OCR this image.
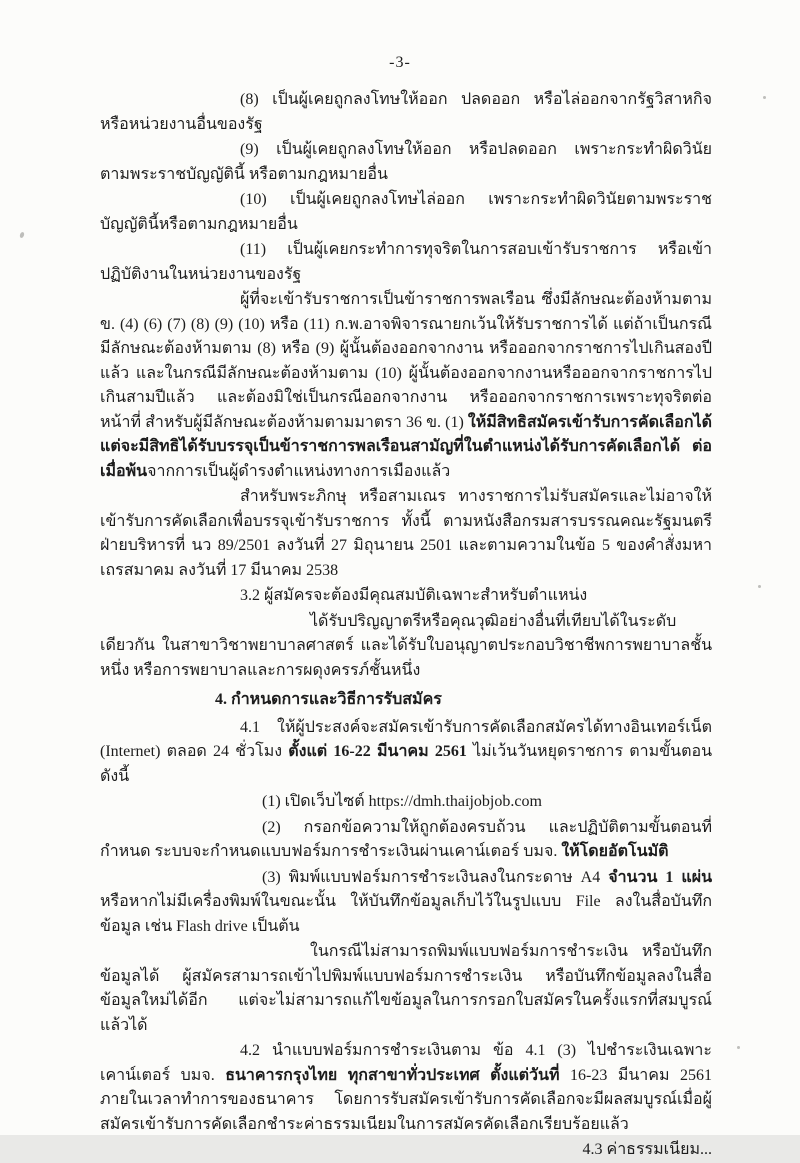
-3-

(8) เป็นผู้เคยถูกลงโทษให้ออก ปลดออก หรือไล่ออกจากรัฐวิสาหกิจ หรือหน่วยงานอื่นของรัฐ

(9) เป็นผู้เคยถูกลงโทษให้ออก หรือปลดออก เพราะกระทำผิดวินัย ตามพระราชบัญญัตินี้ หรือตามกฎหมายอื่น

(10) เป็นผู้เคยถูกลงโทษไล่ออก เพราะกระทำผิดวินัยตามพระราชบัญญัตินี้หรือตามกฎหมายอื่น

(11) เป็นผู้เคยกระทำการทุจริตในการสอบเข้ารับราชการ หรือเข้าปฏิบัติงานในหน่วยงานของรัฐ

ผู้ที่จะเข้ารับราชการเป็นข้าราชการพลเรือน ซึ่งมีลักษณะต้องห้ามตาม ข. (4) (6) (7) (8) (9) (10) หรือ (11) ก.พ.อาจพิจารณายกเว้นให้รับราชการได้ แต่ถ้าเป็นกรณีมีลักษณะต้องห้ามตาม (8) หรือ (9) ผู้นั้นต้องออกจากงาน หรือออกจากราชการไปเกินสองปีแล้ว และในกรณีมีลักษณะต้องห้ามตาม (10) ผู้นั้นต้องออกจากงานหรือออกจากราชการไปเกินสามปีแล้ว และต้องมิใช่เป็นกรณีออกจากงาน หรือออกจากราชการเพราะทุจริตต่อหน้าที่ สำหรับผู้มีลักษณะต้องห้ามตามมาตรา 36 ข. (1) ให้มีสิทธิสมัครเข้ารับการคัดเลือกได้ แต่จะมีสิทธิได้รับบรรจุเป็นข้าราชการพลเรือนสามัญที่ในตำแหน่งได้รับการคัดเลือกได้ ต่อเมื่อพ้นจากการเป็นผู้ดำรงตำแหน่งทางการเมืองแล้ว

สำหรับพระภิกษุ หรือสามเณร ทางราชการไม่รับสมัครและไม่อาจให้เข้ารับการคัดเลือกเพื่อบรรจุเข้ารับราชการ ทั้งนี้ ตามหนังสือกรมสารบรรณคณะรัฐมนตรีฝ่ายบริหารที่ นว 89/2501 ลงวันที่ 27 มิถุนายน 2501 และตามความในข้อ 5 ของคำสั่งมหาเถรสมาคม ลงวันที่ 17 มีนาคม 2538

3.2 ผู้สมัครจะต้องมีคุณสมบัติเฉพาะสำหรับตำแหน่ง

ได้รับปริญญาตรีหรือคุณวุฒิอย่างอื่นที่เทียบได้ในระดับเดียวกัน ในสาขาวิชาพยาบาลศาสตร์ และได้รับใบอนุญาตประกอบวิชาชีพการพยาบาลชั้นหนึ่ง หรือการพยาบาลและการผดุงครรภ์ชั้นหนึ่ง

4. กำหนดการและวิธีการรับสมัคร

4.1 ให้ผู้ประสงค์จะสมัครเข้ารับการคัดเลือกสมัครได้ทางอินเทอร์เน็ต (Internet) ตลอด 24 ชั่วโมง ตั้งแต่ 16-22 มีนาคม 2561 ไม่เว้นวันหยุดราชการ ตามขั้นตอน ดังนี้

(1) เปิดเว็บไซต์ https://dmh.thaijobjob.com

(2) กรอกข้อความให้ถูกต้องครบถ้วน และปฏิบัติตามขั้นตอนที่กำหนด ระบบจะกำหนดแบบฟอร์มการชำระเงินผ่านเคาน์เตอร์ บมจ. ให้โดยอัตโนมัติ

(3) พิมพ์แบบฟอร์มการชำระเงินลงในกระดาษ A4 จำนวน 1 แผ่น หรือหากไม่มีเครื่องพิมพ์ในขณะนั้น ให้บันทึกข้อมูลเก็บไว้ในรูปแบบ File ลงในสื่อบันทึกข้อมูล เช่น Flash drive เป็นต้น

ในกรณีไม่สามารถพิมพ์แบบฟอร์มการชำระเงิน หรือบันทึกข้อมูลได้ ผู้สมัครสามารถเข้าไปพิมพ์แบบฟอร์มการชำระเงิน หรือบันทึกข้อมูลลงในสื่อข้อมูลใหม่ได้อีก แต่จะไม่สามารถแก้ไขข้อมูลในการกรอกใบสมัครในครั้งแรกที่สมบูรณ์แล้วได้

4.2 นำแบบฟอร์มการชำระเงินตาม ข้อ 4.1 (3) ไปชำระเงินเฉพาะเคาน์เตอร์ บมจ. ธนาคารกรุงไทย ทุกสาขาทั่วประเทศ ตั้งแต่วันที่ 16-23 มีนาคม 2561 ภายในเวลาทำการของธนาคาร โดยการรับสมัครเข้ารับการคัดเลือกจะมีผลสมบูรณ์เมื่อผู้สมัครเข้ารับการคัดเลือกชำระค่าธรรมเนียมในการสมัครคัดเลือกเรียบร้อยแล้ว

4.3 ค่าธรรมเนียม...
